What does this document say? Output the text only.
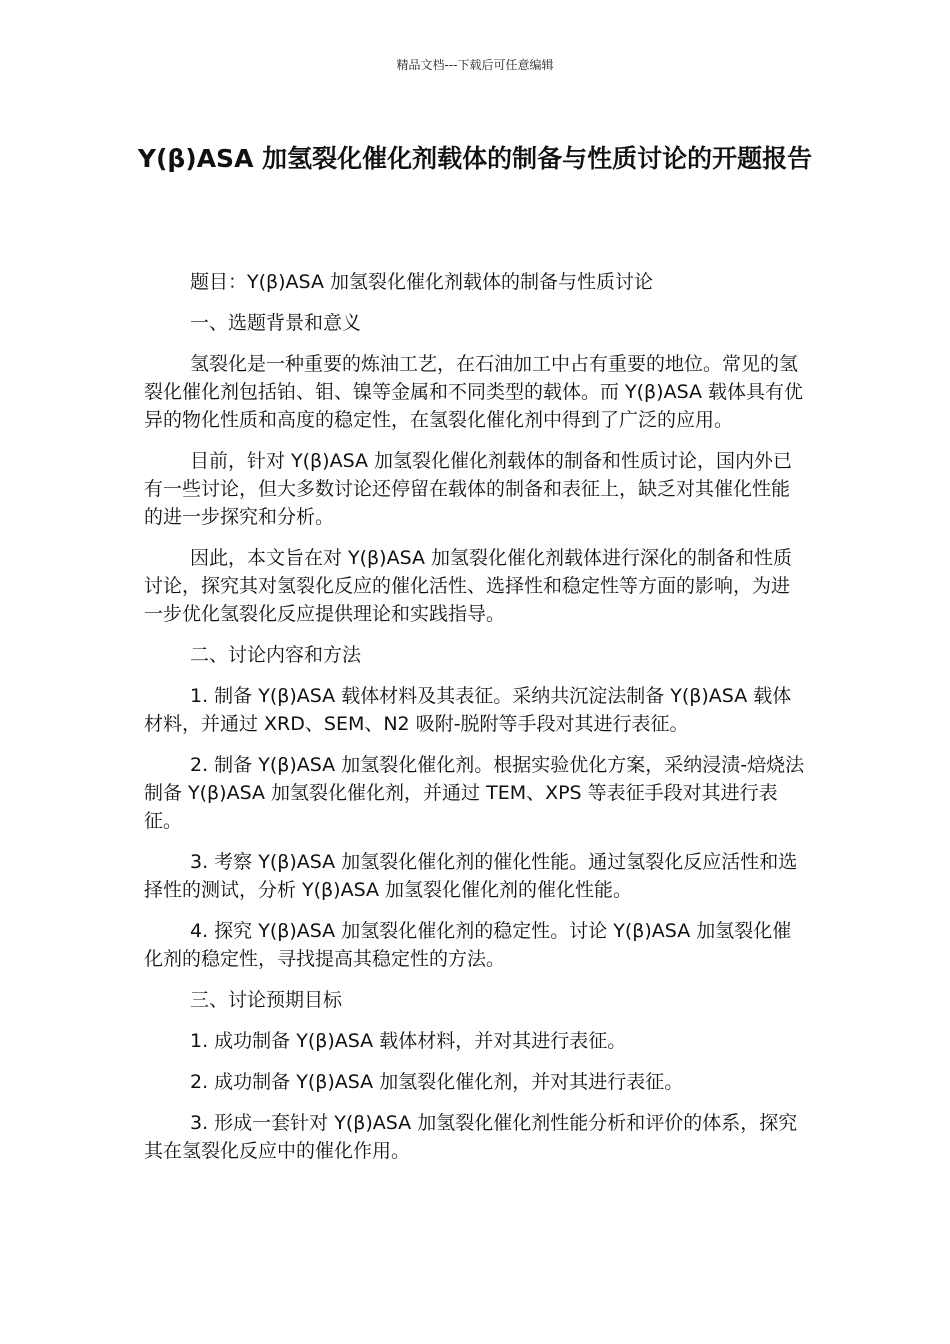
精品文档---下载后可任意编辑
Y(β)ASA 加氢裂化催化剂载体的制备与性质讨论的开题报告

题目：Y(β)ASA 加氢裂化催化剂载体的制备与性质讨论

一、选题背景和意义

氢裂化是一种重要的炼油工艺，在石油加工中占有重要的地位。常见的氢裂化催化剂包括铂、钼、镍等金属和不同类型的载体。而 Y(β)ASA 载体具有优异的物化性质和高度的稳定性，在氢裂化催化剂中得到了广泛的应用。

目前，针对 Y(β)ASA 加氢裂化催化剂载体的制备和性质讨论，国内外已有一些讨论，但大多数讨论还停留在载体的制备和表征上，缺乏对其催化性能的进一步探究和分析。

因此，本文旨在对 Y(β)ASA 加氢裂化催化剂载体进行深化的制备和性质讨论，探究其对氢裂化反应的催化活性、选择性和稳定性等方面的影响，为进一步优化氢裂化反应提供理论和实践指导。

二、讨论内容和方法

1. 制备 Y(β)ASA 载体材料及其表征。采纳共沉淀法制备 Y(β)ASA 载体材料，并通过 XRD、SEM、N2 吸附-脱附等手段对其进行表征。

2. 制备 Y(β)ASA 加氢裂化催化剂。根据实验优化方案，采纳浸渍-焙烧法制备 Y(β)ASA 加氢裂化催化剂，并通过 TEM、XPS 等表征手段对其进行表征。

3. 考察 Y(β)ASA 加氢裂化催化剂的催化性能。通过氢裂化反应活性和选择性的测试，分析 Y(β)ASA 加氢裂化催化剂的催化性能。

4. 探究 Y(β)ASA 加氢裂化催化剂的稳定性。讨论 Y(β)ASA 加氢裂化催化剂的稳定性，寻找提高其稳定性的方法。

三、讨论预期目标

1. 成功制备 Y(β)ASA 载体材料，并对其进行表征。

2. 成功制备 Y(β)ASA 加氢裂化催化剂，并对其进行表征。

3. 形成一套针对 Y(β)ASA 加氢裂化催化剂性能分析和评价的体系，探究其在氢裂化反应中的催化作用。
